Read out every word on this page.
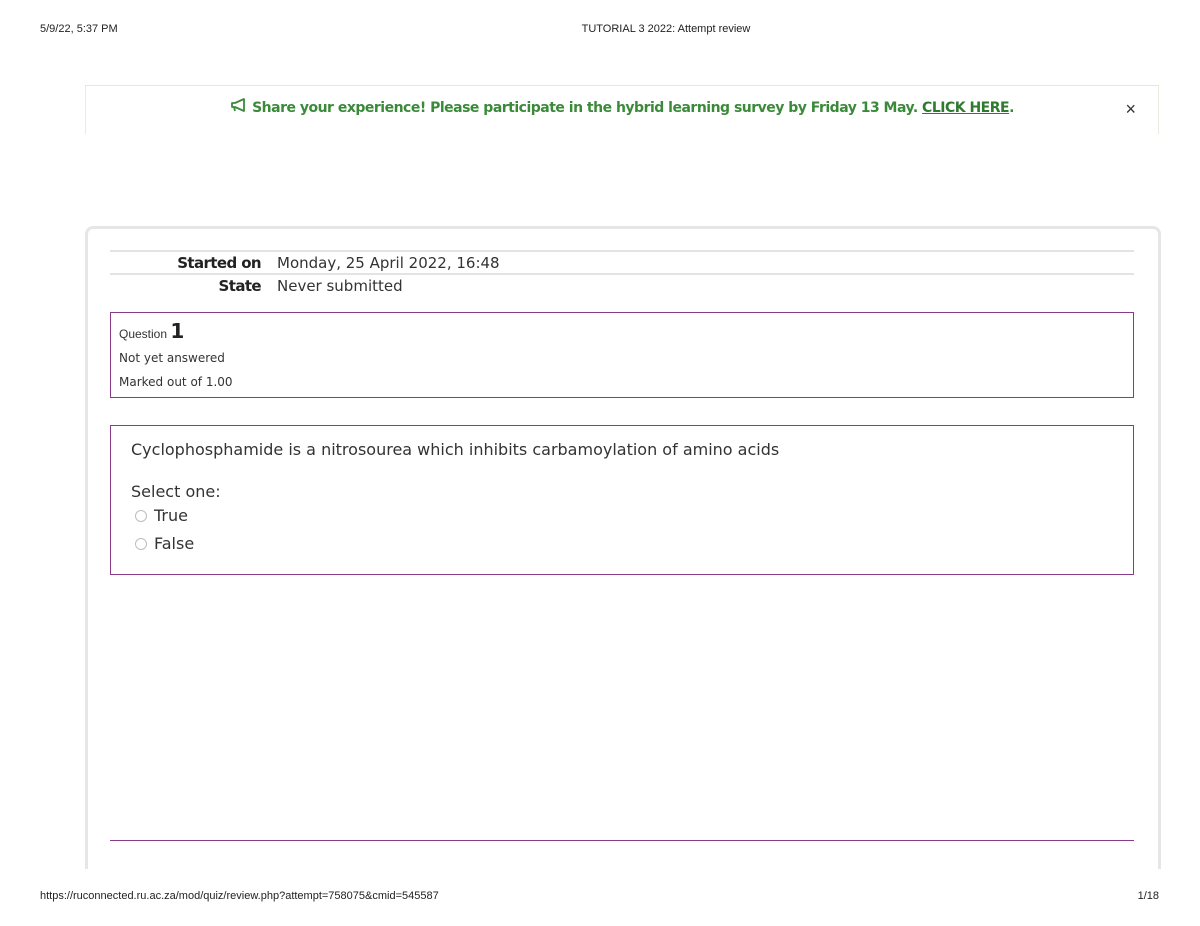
5/9/22, 5:37 PM	TUTORIAL 3 2022: Attempt review
Share your experience! Please participate in the hybrid learning survey by Friday 13 May. CLICK HERE.	×
Started on Monday, 25 April 2022, 16:48
State Never submitted
Question 1
Not yet answered
Marked out of 1.00
Cyclophosphamide is a nitrosourea which inhibits carbamoylation of amino acids
Select one:
True
False
https://ruconnected.ru.ac.za/mod/quiz/review.php?attempt=758075&cmid=545587	1/18
